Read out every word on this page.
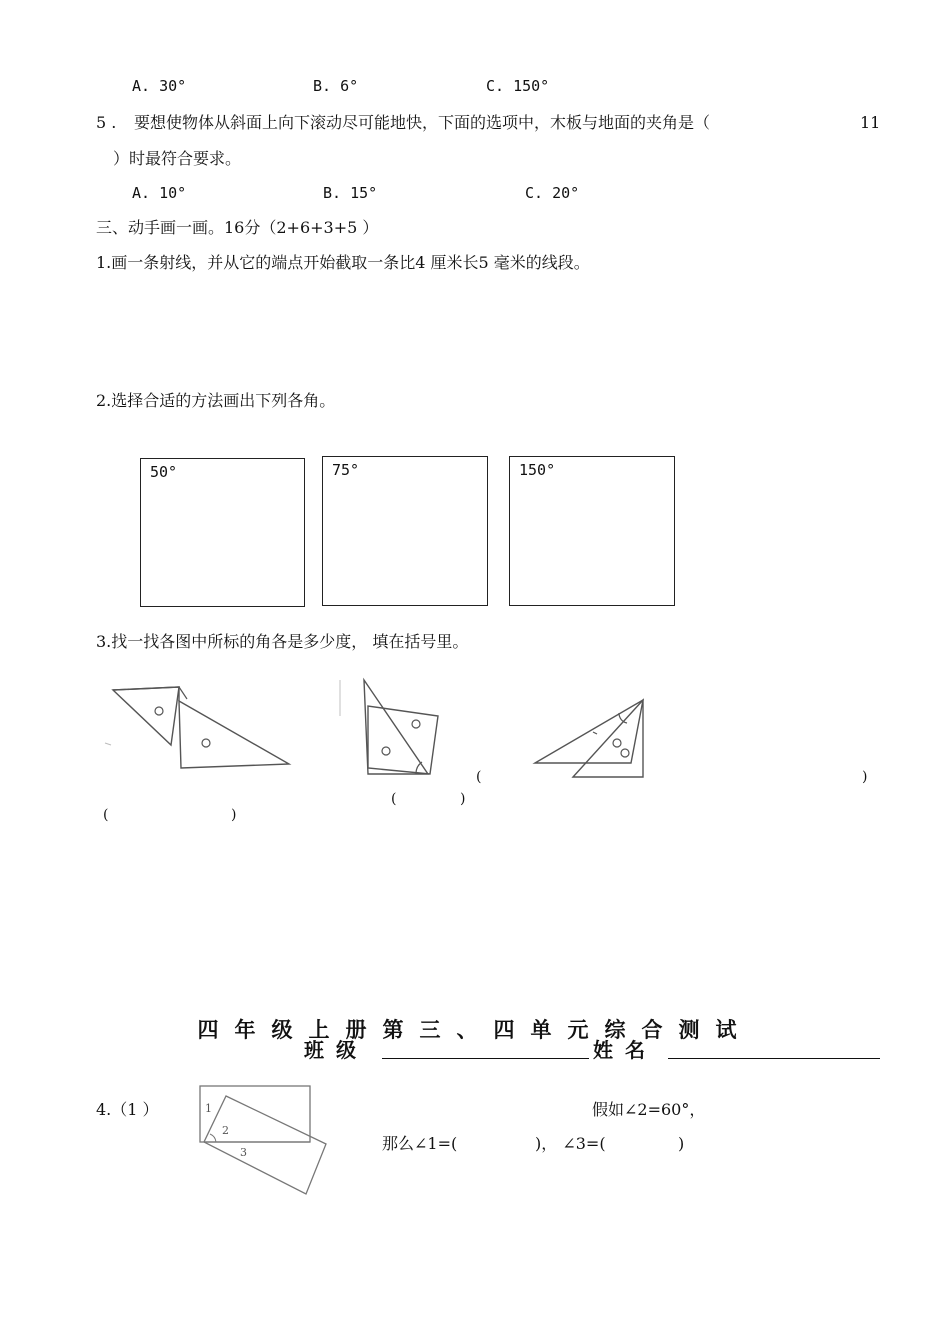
A. 30°	B. 6°	C. 150°
5 . 要想使物体从斜面上向下滚动尽可能地快，下面的选项中，木板与地面的夹角是（	11
）时最符合要求。
A. 10°	B. 15°	C. 20°
三、动手画一画。16分（2+6+3+5 ）
1.画一条射线，并从它的端点开始截取一条比4 厘米长5 毫米的线段。
2.选择合适的方法画出下列各角。
50°	75°	150°
3.找一找各图中所标的角各是多少度， 填在括号里。
(	)
(	)
(	)
四年级上册第三、四单元综合测试
班级	姓名
4.（1 ）	1
2
3
假如∠2=60°，
那么∠1=(	)， ∠3=(	)
